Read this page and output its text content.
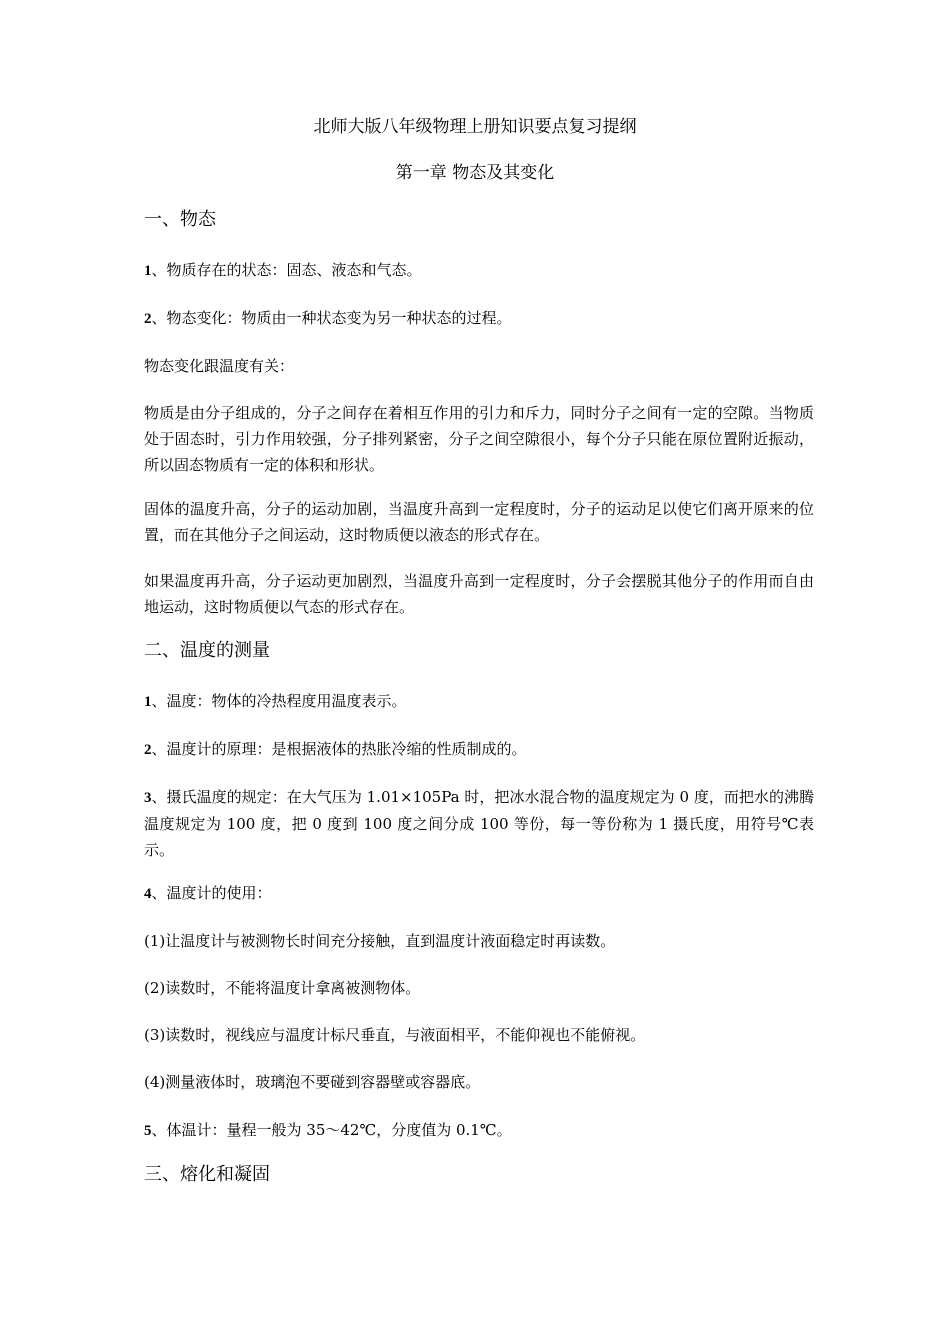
北师大版八年级物理上册知识要点复习提纲
第一章 物态及其变化
一、物态

1、物质存在的状态：固态、液态和气态。

2、物态变化：物质由一种状态变为另一种状态的过程。

物态变化跟温度有关：

物质是由分子组成的，分子之间存在着相互作用的引力和斥力，同时分子之间有一定的空隙。当物质处于固态时，引力作用较强，分子排列紧密，分子之间空隙很小，每个分子只能在原位置附近振动，所以固态物质有一定的体积和形状。

固体的温度升高，分子的运动加剧，当温度升高到一定程度时，分子的运动足以使它们离开原来的位置，而在其他分子之间运动，这时物质便以液态的形式存在。

如果温度再升高，分子运动更加剧烈，当温度升高到一定程度时，分子会摆脱其他分子的作用而自由地运动，这时物质便以气态的形式存在。

二、温度的测量

1、温度：物体的冷热程度用温度表示。

2、温度计的原理：是根据液体的热胀冷缩的性质制成的。

3、摄氏温度的规定：在大气压为 1.01×105Pa 时，把冰水混合物的温度规定为 0 度，而把水的沸腾温度规定为 100 度，把 0 度到 100 度之间分成 100 等份，每一等份称为 1 摄氏度，用符号℃表示。

4、温度计的使用：

(1)让温度计与被测物长时间充分接触，直到温度计液面稳定时再读数。

(2)读数时，不能将温度计拿离被测物体。

(3)读数时，视线应与温度计标尺垂直，与液面相平，不能仰视也不能俯视。

(4)测量液体时，玻璃泡不要碰到容器壁或容器底。

5、体温计：量程一般为 35～42℃，分度值为 0.1℃。

三、熔化和凝固
